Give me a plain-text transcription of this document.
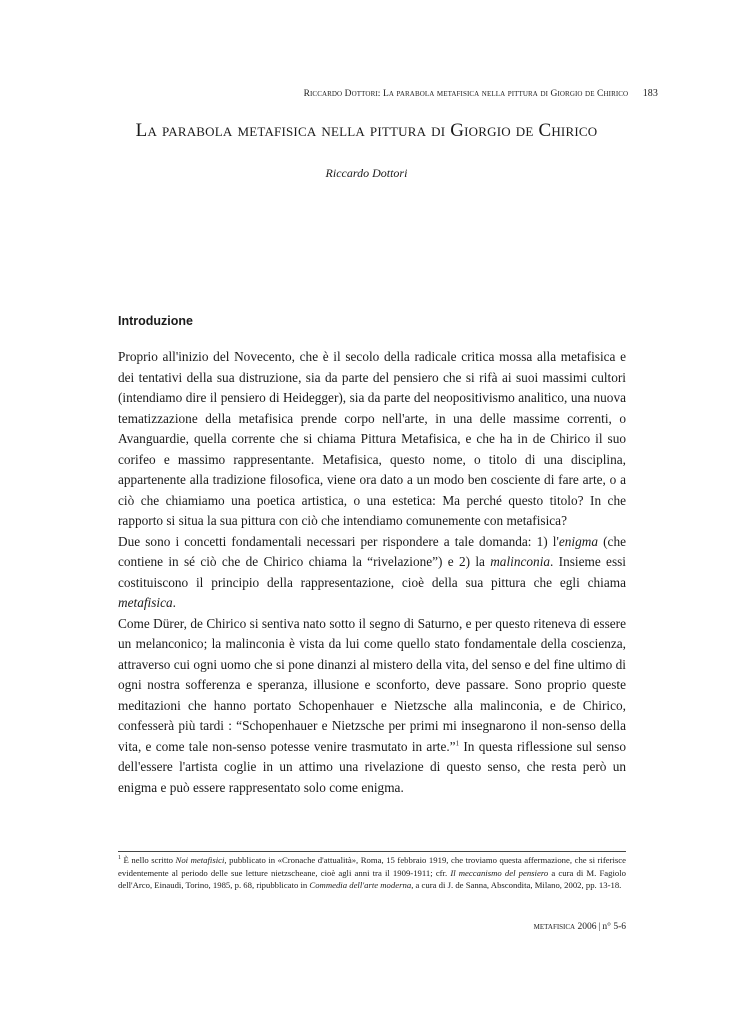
Riccardo Dottori: La parabola metafisica nella pittura di Giorgio de Chirico 183
La parabola metafisica nella pittura di Giorgio de Chirico
Riccardo Dottori
Introduzione

Proprio all'inizio del Novecento, che è il secolo della radicale critica mossa alla metafisica e dei tentativi della sua distruzione, sia da parte del pensiero che si rifà ai suoi massimi cultori (intendiamo dire il pensiero di Heidegger), sia da parte del neopositivismo analitico, una nuova tematizzazione della metafisica prende corpo nell'arte, in una delle massime correnti, o Avanguardie, quella corrente che si chiama Pittura Metafisica, e che ha in de Chirico il suo corifeo e massimo rappresentante. Metafisica, questo nome, o titolo di una disciplina, appartenente alla tradizione filosofica, viene ora dato a un modo ben cosciente di fare arte, o a ciò che chiamiamo una poetica artistica, o una estetica: Ma perché questo titolo? In che rapporto si situa la sua pittura con ciò che intendiamo comunemente con metafisica?

Due sono i concetti fondamentali necessari per rispondere a tale domanda: 1) l'enigma (che contiene in sé ciò che de Chirico chiama la “rivelazione”) e 2) la malinconia. Insieme essi costituiscono il principio della rappresentazione, cioè della sua pittura che egli chiama metafisica.

Come Dürer, de Chirico si sentiva nato sotto il segno di Saturno, e per questo riteneva di essere un melanconico; la malinconia è vista da lui come quello stato fondamentale della coscienza, attraverso cui ogni uomo che si pone dinanzi al mistero della vita, del senso e del fine ultimo di ogni nostra sofferenza e speranza, illusione e sconforto, deve passare. Sono proprio queste meditazioni che hanno portato Schopenhauer e Nietzsche alla malinconia, e de Chirico, confesserà più tardi : “Schopenhauer e Nietzsche per primi mi insegnarono il non-senso della vita, e come tale non-senso potesse venire trasmutato in arte.”$^1$ In questa riflessione sul senso dell'essere l'artista coglie in un attimo una rivelazione di questo senso, che resta però un enigma e può essere rappresentato solo come enigma.

$^1$ È nello scritto Noi metafisici, pubblicato in «Cronache d'attualità», Roma, 15 febbraio 1919, che troviamo questa affermazione, che si riferisce evidentemente al periodo delle sue letture nietzscheane, cioè agli anni tra il 1909-1911; cfr. Il meccanismo del pensiero a cura di M. Fagiolo dell'Arco, Einaudi, Torino, 1985, p. 68, ripubblicato in Commedia dell'arte moderna, a cura di J. de Sanna, Abscondita, Milano, 2002, pp. 13-18.
metafisica 2006 | n° 5-6
